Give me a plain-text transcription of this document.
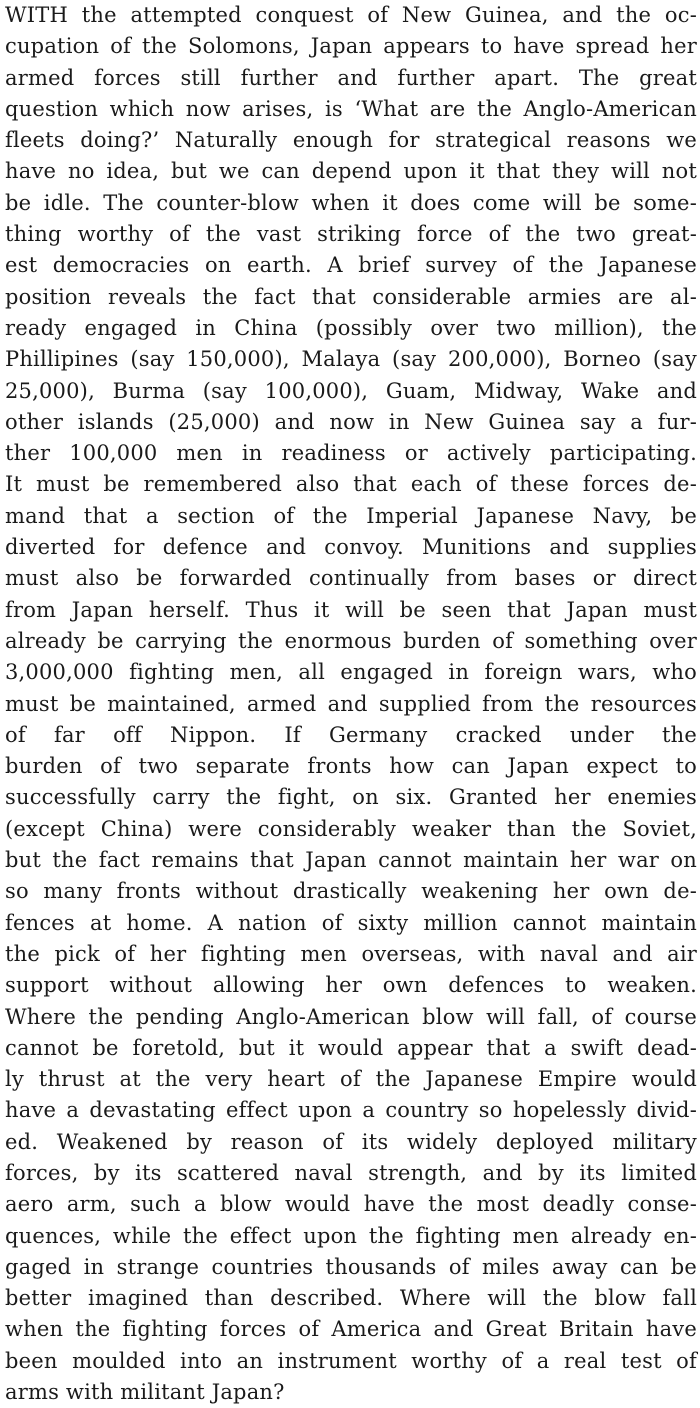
WITH the attempted conquest of New Guinea, and the oc-
cupation of the Solomons, Japan appears to have spread her
armed forces still further and further apart. The great
question which now arises, is ‘What are the Anglo-American
fleets doing?’ Naturally enough for strategical reasons we
have no idea, but we can depend upon it that they will not
be idle. The counter-blow when it does come will be some-
thing worthy of the vast striking force of the two great-
est democracies on earth. A brief survey of the Japanese
position reveals the fact that considerable armies are al-
ready engaged in China (possibly over two million), the
Phillipines (say 150,000), Malaya (say 200,000), Borneo (say
25,000), Burma (say 100,000), Guam, Midway, Wake and
other islands (25,000) and now in New Guinea say a fur-
ther 100,000 men in readiness or actively participating.
It must be remembered also that each of these forces de-
mand that a section of the Imperial Japanese Navy, be
diverted for defence and convoy. Munitions and supplies
must also be forwarded continually from bases or direct
from Japan herself. Thus it will be seen that Japan must
already be carrying the enormous burden of something over
3,000,000 fighting men, all engaged in foreign wars, who
must be maintained, armed and supplied from the resources
of far off Nippon. If Germany cracked under the
burden of two separate fronts how can Japan expect to
successfully carry the fight, on six. Granted her enemies
(except China) were considerably weaker than the Soviet,
but the fact remains that Japan cannot maintain her war on
so many fronts without drastically weakening her own de-
fences at home. A nation of sixty million cannot maintain
the pick of her fighting men overseas, with naval and air
support without allowing her own defences to weaken.
Where the pending Anglo-American blow will fall, of course
cannot be foretold, but it would appear that a swift dead-
ly thrust at the very heart of the Japanese Empire would
have a devastating effect upon a country so hopelessly divid-
ed. Weakened by reason of its widely deployed military
forces, by its scattered naval strength, and by its limited
aero arm, such a blow would have the most deadly conse-
quences, while the effect upon the fighting men already en-
gaged in strange countries thousands of miles away can be
better imagined than described. Where will the blow fall
when the fighting forces of America and Great Britain have
been moulded into an instrument worthy of a real test of
arms with militant Japan?
